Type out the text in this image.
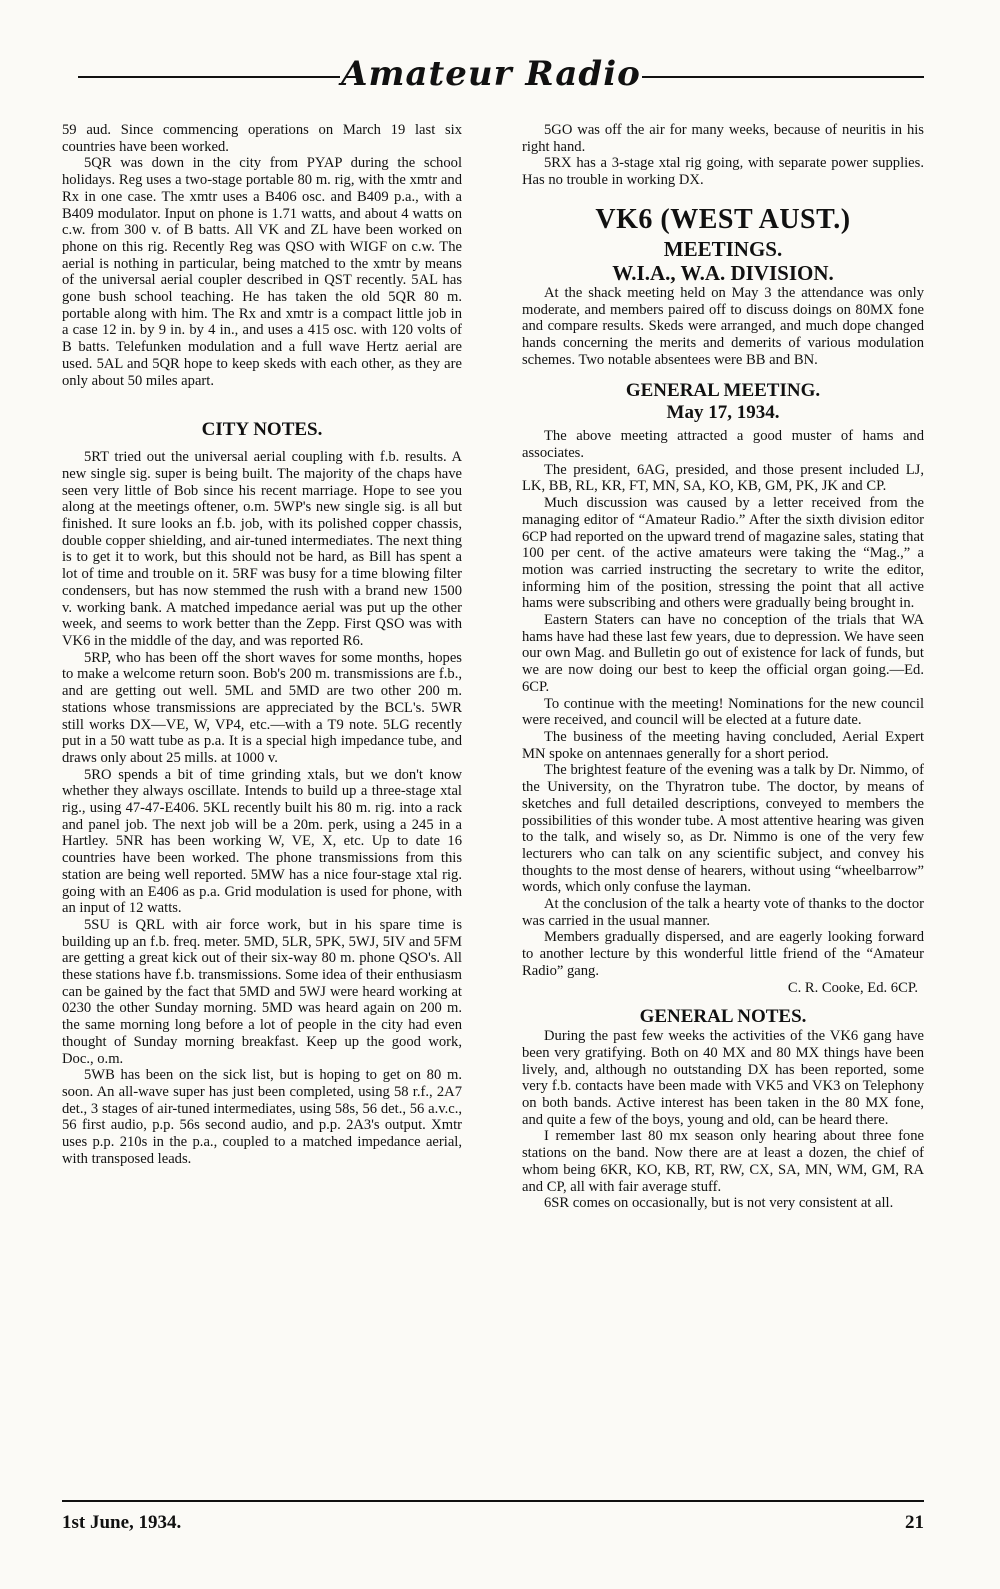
Amateur Radio

59 aud. Since commencing operations on March 19 last six countries have been worked.

5QR was down in the city from PYAP during the school holidays. Reg uses a two-stage portable 80 m. rig, with the xmtr and Rx in one case. The xmtr uses a B406 osc. and B409 p.a., with a B409 modulator. Input on phone is 1.71 watts, and about 4 watts on c.w. from 300 v. of B batts. All VK and ZL have been worked on phone on this rig. Recently Reg was QSO with WIGF on c.w. The aerial is nothing in particular, being matched to the xmtr by means of the universal aerial coupler described in QST recently. 5AL has gone bush school teaching. He has taken the old 5QR 80 m. portable along with him. The Rx and xmtr is a compact little job in a case 12 in. by 9 in. by 4 in., and uses a 415 osc. with 120 volts of B batts. Telefunken modulation and a full wave Hertz aerial are used. 5AL and 5QR hope to keep skeds with each other, as they are only about 50 miles apart.

CITY NOTES.

5RT tried out the universal aerial coupling with f.b. results. A new single sig. super is being built. The majority of the chaps have seen very little of Bob since his recent marriage. Hope to see you along at the meetings oftener, o.m. 5WP's new single sig. is all but finished. It sure looks an f.b. job, with its polished copper chassis, double copper shielding, and air-tuned intermediates. The next thing is to get it to work, but this should not be hard, as Bill has spent a lot of time and trouble on it. 5RF was busy for a time blowing filter condensers, but has now stemmed the rush with a brand new 1500 v. working bank. A matched impedance aerial was put up the other week, and seems to work better than the Zepp. First QSO was with VK6 in the middle of the day, and was reported R6.

5RP, who has been off the short waves for some months, hopes to make a welcome return soon. Bob's 200 m. transmissions are f.b., and are getting out well. 5ML and 5MD are two other 200 m. stations whose transmissions are appreciated by the BCL's. 5WR still works DX—VE, W, VP4, etc.—with a T9 note. 5LG recently put in a 50 watt tube as p.a. It is a special high impedance tube, and draws only about 25 mills. at 1000 v.

5RO spends a bit of time grinding xtals, but we don't know whether they always oscillate. Intends to build up a three-stage xtal rig., using 47-47-E406. 5KL recently built his 80 m. rig. into a rack and panel job. The next job will be a 20m. perk, using a 245 in a Hartley. 5NR has been working W, VE, X, etc. Up to date 16 countries have been worked. The phone transmissions from this station are being well reported. 5MW has a nice four-stage xtal rig. going with an E406 as p.a. Grid modulation is used for phone, with an input of 12 watts.

5SU is QRL with air force work, but in his spare time is building up an f.b. freq. meter. 5MD, 5LR, 5PK, 5WJ, 5IV and 5FM are getting a great kick out of their six-way 80 m. phone QSO's. All these stations have f.b. transmissions. Some idea of their enthusiasm can be gained by the fact that 5MD and 5WJ were heard working at 0230 the other Sunday morning. 5MD was heard again on 200 m. the same morning long before a lot of people in the city had even thought of Sunday morning breakfast. Keep up the good work, Doc., o.m.

5WB has been on the sick list, but is hoping to get on 80 m. soon. An all-wave super has just been completed, using 58 r.f., 2A7 det., 3 stages of air-tuned intermediates, using 58s, 56 det., 56 a.v.c., 56 first audio, p.p. 56s second audio, and p.p. 2A3's output. Xmtr uses p.p. 210s in the p.a., coupled to a matched impedance aerial, with transposed leads.

5GO was off the air for many weeks, because of neuritis in his right hand.

5RX has a 3-stage xtal rig going, with separate power supplies. Has no trouble in working DX.

VK6 (WEST AUST.)
MEETINGS.
W.I.A., W.A. DIVISION.

At the shack meeting held on May 3 the attendance was only moderate, and members paired off to discuss doings on 80MX fone and compare results. Skeds were arranged, and much dope changed hands concerning the merits and demerits of various modulation schemes. Two notable absentees were BB and BN.

GENERAL MEETING.
May 17, 1934.

The above meeting attracted a good muster of hams and associates.

The president, 6AG, presided, and those present included LJ, LK, BB, RL, KR, FT, MN, SA, KO, KB, GM, PK, JK and CP.

Much discussion was caused by a letter received from the managing editor of “Amateur Radio.” After the sixth division editor 6CP had reported on the upward trend of magazine sales, stating that 100 per cent. of the active amateurs were taking the “Mag.,” a motion was carried instructing the secretary to write the editor, informing him of the position, stressing the point that all active hams were subscribing and others were gradually being brought in.

Eastern Staters can have no conception of the trials that WA hams have had these last few years, due to depression. We have seen our own Mag. and Bulletin go out of existence for lack of funds, but we are now doing our best to keep the official organ going.—Ed. 6CP.

To continue with the meeting! Nominations for the new council were received, and council will be elected at a future date.

The business of the meeting having concluded, Aerial Expert MN spoke on antennaes generally for a short period.

The brightest feature of the evening was a talk by Dr. Nimmo, of the University, on the Thyratron tube. The doctor, by means of sketches and full detailed descriptions, conveyed to members the possibilities of this wonder tube. A most attentive hearing was given to the talk, and wisely so, as Dr. Nimmo is one of the very few lecturers who can talk on any scientific subject, and convey his thoughts to the most dense of hearers, without using “wheelbarrow” words, which only confuse the layman.

At the conclusion of the talk a hearty vote of thanks to the doctor was carried in the usual manner.

Members gradually dispersed, and are eagerly looking forward to another lecture by this wonderful little friend of the “Amateur Radio” gang.

C. R. Cooke, Ed. 6CP.

GENERAL NOTES.

During the past few weeks the activities of the VK6 gang have been very gratifying. Both on 40 MX and 80 MX things have been lively, and, although no outstanding DX has been reported, some very f.b. contacts have been made with VK5 and VK3 on Telephony on both bands. Active interest has been taken in the 80 MX fone, and quite a few of the boys, young and old, can be heard there.

I remember last 80 mx season only hearing about three fone stations on the band. Now there are at least a dozen, the chief of whom being 6KR, KO, KB, RT, RW, CX, SA, MN, WM, GM, RA and CP, all with fair average stuff.

6SR comes on occasionally, but is not very consistent at all.

1st June, 1934.	21
